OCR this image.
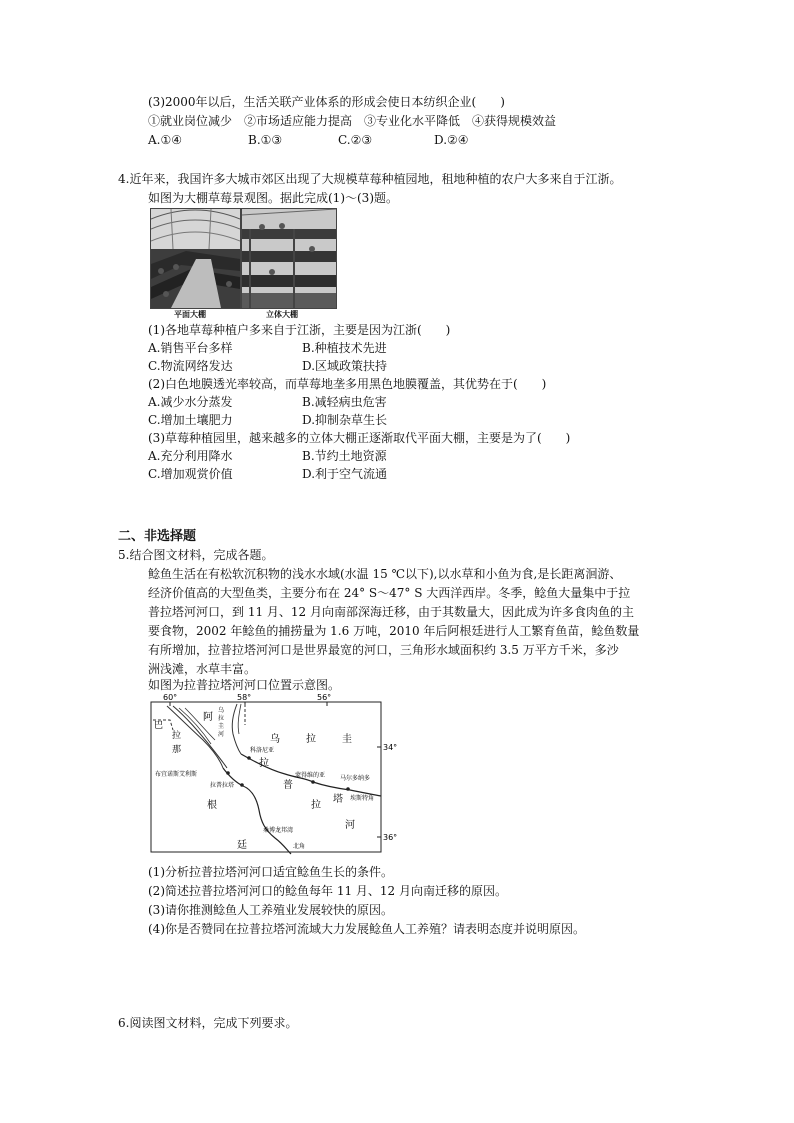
(3)2000年以后，生活关联产业体系的形成会使日本纺织企业(　　)
①就业岗位减少　②市场适应能力提高　③专业化水平降低　④获得规模效益
A.①④	B.①③	C.②③	D.②④
4.近年来，我国许多大城市郊区出现了大规模草莓种植园地，租地种植的农户大多来自于江浙。
如图为大棚草莓景观图。据此完成(1)～(3)题。
平面大棚	立体大棚
(1)各地草莓种植户多来自于江浙，主要是因为江浙(　　)
A.销售平台多样	B.种植技术先进
C.物流网络发达	D.区域政策扶持
(2)白色地膜透光率较高，而草莓地垄多用黑色地膜覆盖，其优势在于(　　)
A.减少水分蒸发	B.减轻病虫危害
C.增加土壤肥力	D.抑制杂草生长
(3)草莓种植园里，越来越多的立体大棚正逐渐取代平面大棚，主要是为了(　　)
A.充分利用降水	B.节约土地资源
C.增加观赏价值	D.利于空气流通
二、非选择题
5.结合图文材料，完成各题。
鲶鱼生活在有松软沉积物的浅水水域(水温 15 ℃以下),以水草和小鱼为食,是长距离洄游、
经济价值高的大型鱼类，主要分布在 24° S～47° S 大西洋西岸。冬季，鲶鱼大量集中于拉
普拉塔河河口，到 11 月、12 月向南部深海迁移，由于其数量大，因此成为许多食肉鱼的主
要食物，2002 年鲶鱼的捕捞量为 1.6 万吨，2010 年后阿根廷进行人工繁育鱼苗，鲶鱼数量
有所增加，拉普拉塔河河口是世界最宽的河口，三角形水域面积约 3.5 万平方千米，多沙
洲浅滩，水草丰富。
如图为拉普拉塔河河口位置示意图。
60°	58°	56°
34°
36°
巴
拉
那
阿
乌	拉	圭
拉
普
拉
塔
河
根
廷
乌
拉
圭
河
科洛尼亚
布宜诺斯艾利斯
拉普拉塔
蒙得维的亚 马尔多纳多
埃斯特角
桑博龙邦湾
北角
(1)分析拉普拉塔河河口适宜鲶鱼生长的条件。
(2)简述拉普拉塔河河口的鲶鱼每年 11 月、12 月向南迁移的原因。
(3)请你推测鲶鱼人工养殖业发展较快的原因。
(4)你是否赞同在拉普拉塔河流域大力发展鲶鱼人工养殖？请表明态度并说明原因。
6.阅读图文材料，完成下列要求。
